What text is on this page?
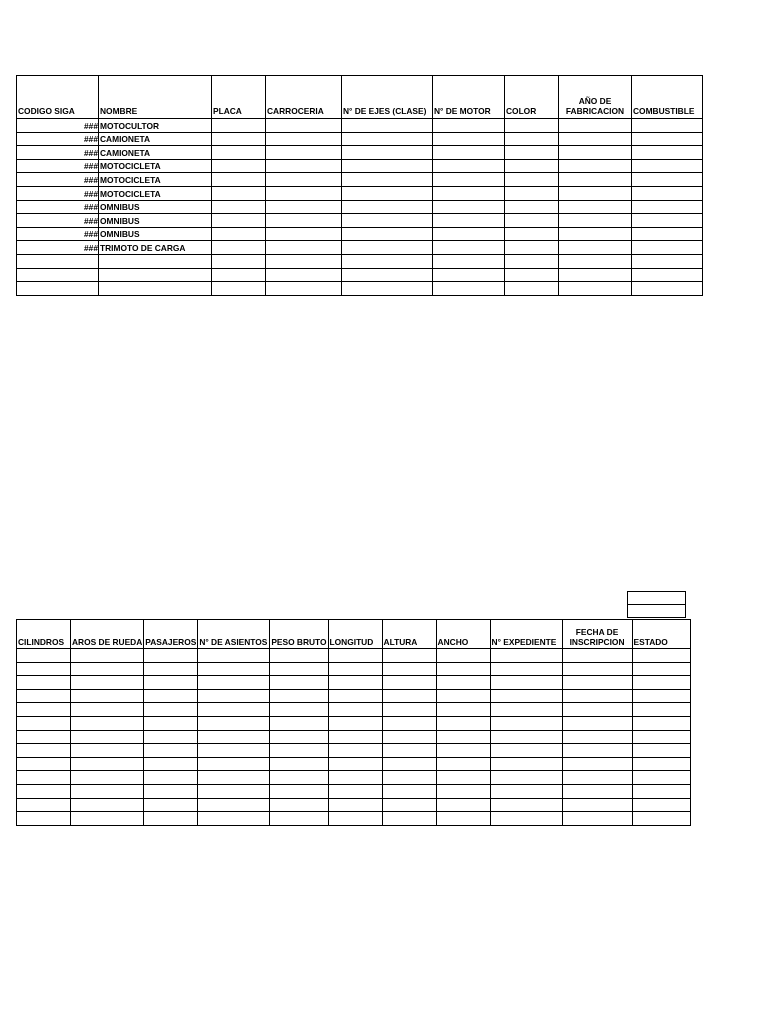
CODIGO SIGA	NOMBRE	PLACA	CARROCERIA	N° DE EJES (CLASE)	N° DE MOTOR	COLOR	AÑO DE
FABRICACION	COMBUSTIBLE
###	MOTOCULTOR							
###	CAMIONETA							
###	CAMIONETA							
###	MOTOCICLETA							
###	MOTOCICLETA							
###	MOTOCICLETA							
###	OMNIBUS							
###	OMNIBUS							
###	OMNIBUS							
###	TRIMOTO DE CARGA							

CILINDROS	AROS DE RUEDA	PASAJEROS	N° DE ASIENTOS	PESO BRUTO	LONGITUD	ALTURA	ANCHO	N° EXPEDIENTE	FECHA DE
INSCRIPCION	ESTADO
